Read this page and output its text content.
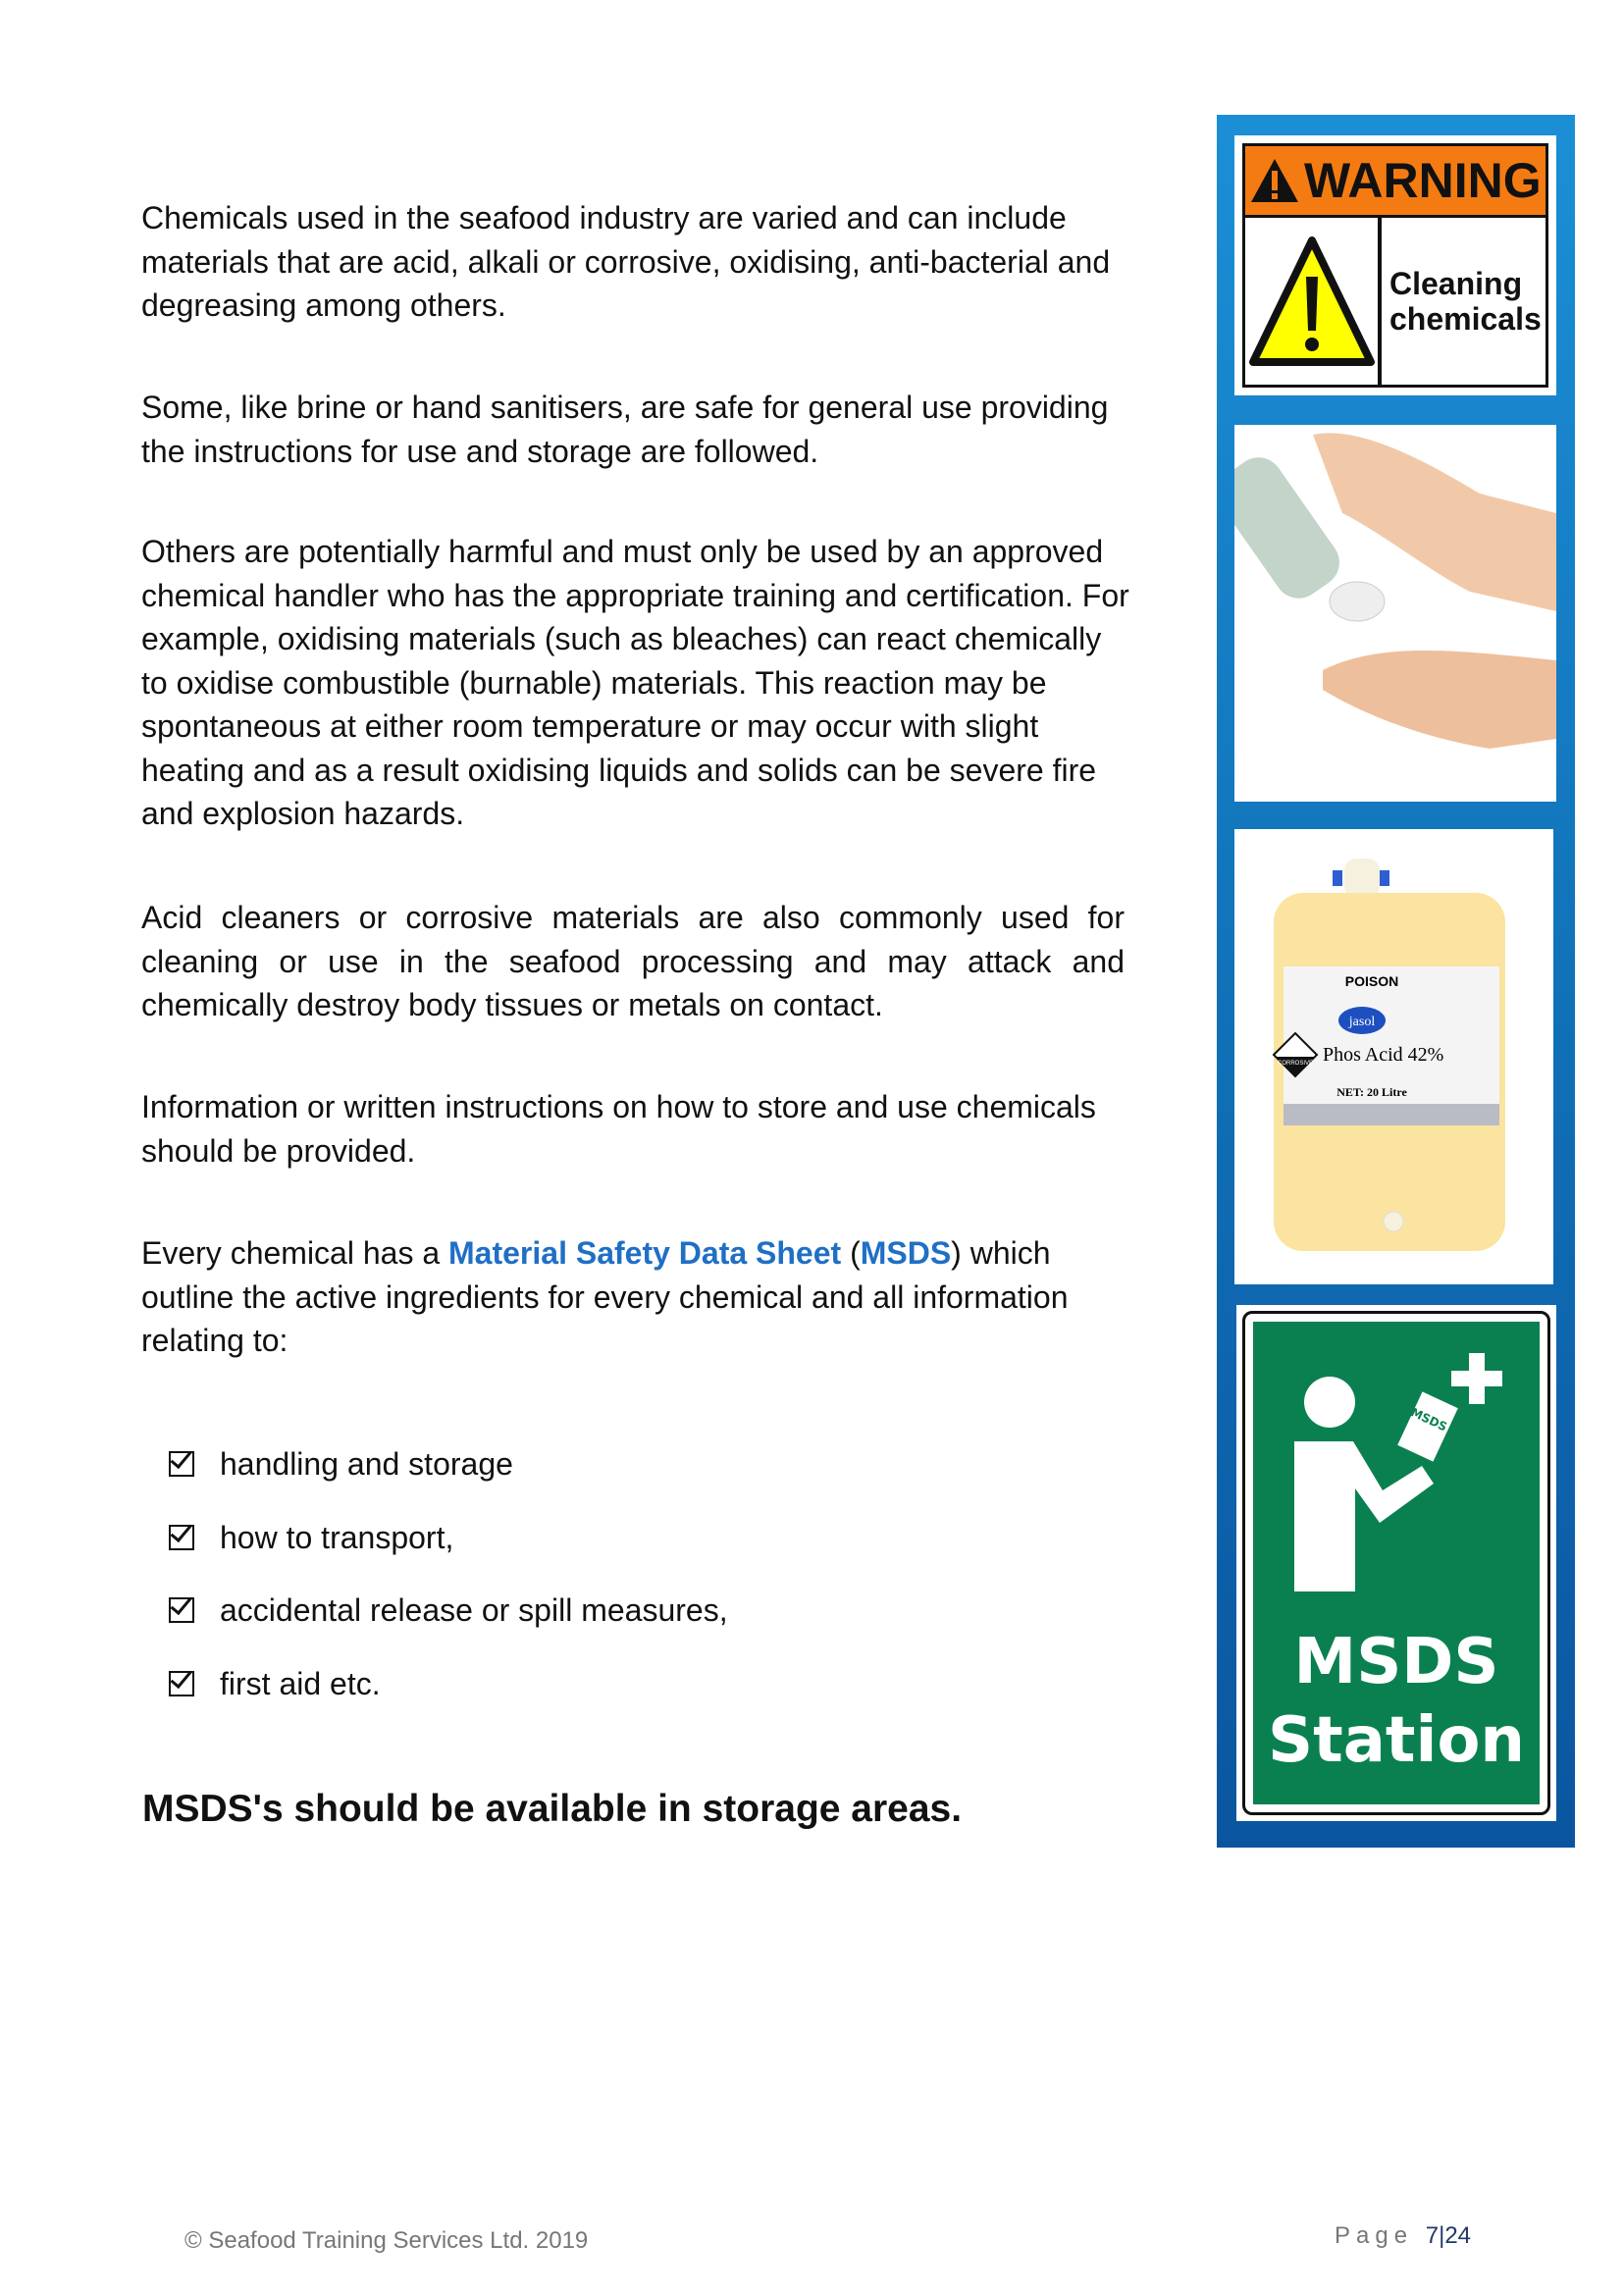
Chemicals used in the seafood industry are varied and can include materials that are acid, alkali or corrosive, oxidising, anti-bacterial and degreasing among others.

Some, like brine or hand sanitisers, are safe for general use providing the instructions for use and storage are followed.

Others are potentially harmful and must only be used by an approved chemical handler who has the appropriate training and certification. For example, oxidising materials (such as bleaches) can react chemically to oxidise combustible (burnable) materials. This reaction may be spontaneous at either room temperature or may occur with slight heating and as a result oxidising liquids and solids can be severe fire and explosion hazards.

Acid cleaners or corrosive materials are also commonly used for cleaning or use in the seafood processing and may attack and chemically destroy body tissues or metals on contact.

Information or written instructions on how to store and use chemicals should be provided.

Every chemical has a Material Safety Data Sheet (MSDS) which outline the active ingredients for every chemical and all information relating to:

handling and storage
how to transport,
accidental release or spill measures,
first aid etc.
MSDS's should be available in storage areas.
© Seafood Training Services Ltd. 2019	Page 7|24
WARNING
Cleaning
chemicals
POISON
jasol
CORROSIVE Phos Acid 42%
NET: 20 Litre
MSDS
MSDS
Station
